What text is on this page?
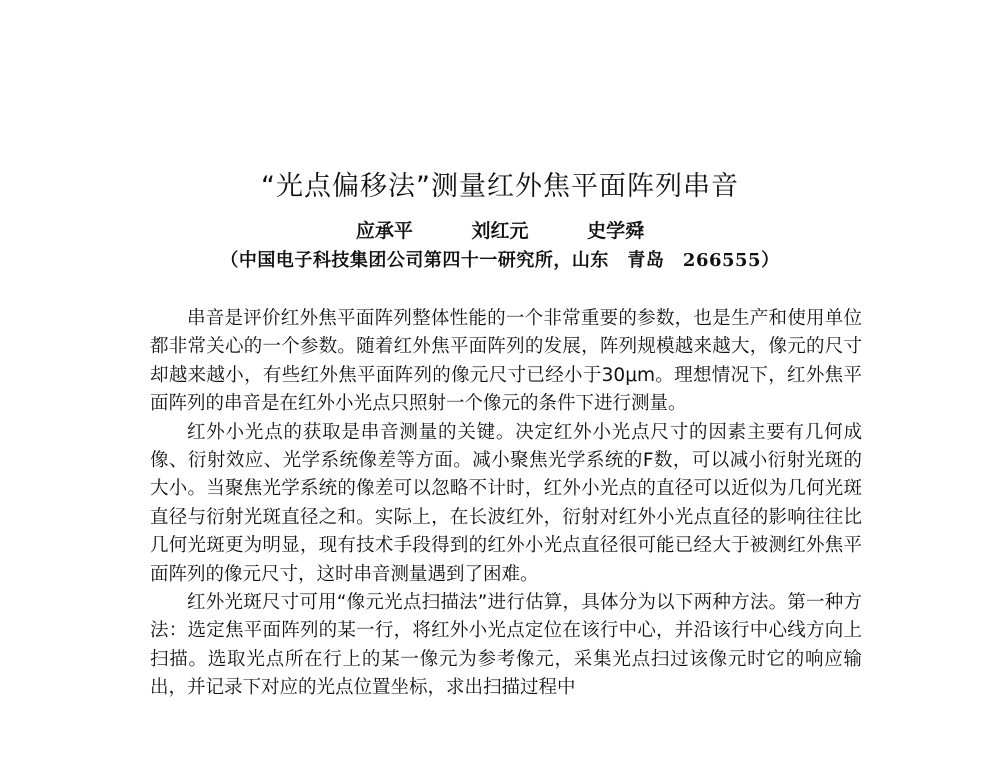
“光点偏移法”测量红外焦平面阵列串音
应承平	刘红元	史学舜
（中国电子科技集团公司第四十一研究所，山东　青岛　266555）

串音是评价红外焦平面阵列整体性能的一个非常重要的参数，也是生产和使用单位都非常关心的一个参数。随着红外焦平面阵列的发展，阵列规模越来越大，像元的尺寸却越来越小，有些红外焦平面阵列的像元尺寸已经小于30μm。理想情况下，红外焦平面阵列的串音是在红外小光点只照射一个像元的条件下进行测量。

红外小光点的获取是串音测量的关键。决定红外小光点尺寸的因素主要有几何成像、衍射效应、光学系统像差等方面。减小聚焦光学系统的F数，可以减小衍射光斑的大小。当聚焦光学系统的像差可以忽略不计时，红外小光点的直径可以近似为几何光斑直径与衍射光斑直径之和。实际上，在长波红外，衍射对红外小光点直径的影响往往比几何光斑更为明显，现有技术手段得到的红外小光点直径很可能已经大于被测红外焦平面阵列的像元尺寸，这时串音测量遇到了困难。

红外光斑尺寸可用“像元光点扫描法”进行估算，具体分为以下两种方法。第一种方法：选定焦平面阵列的某一行，将红外小光点定位在该行中心，并沿该行中心线方向上扫描。选取光点所在行上的某一像元为参考像元，采集光点扫过该像元时它的响应输出，并记录下对应的光点位置坐标，求出扫描过程中
